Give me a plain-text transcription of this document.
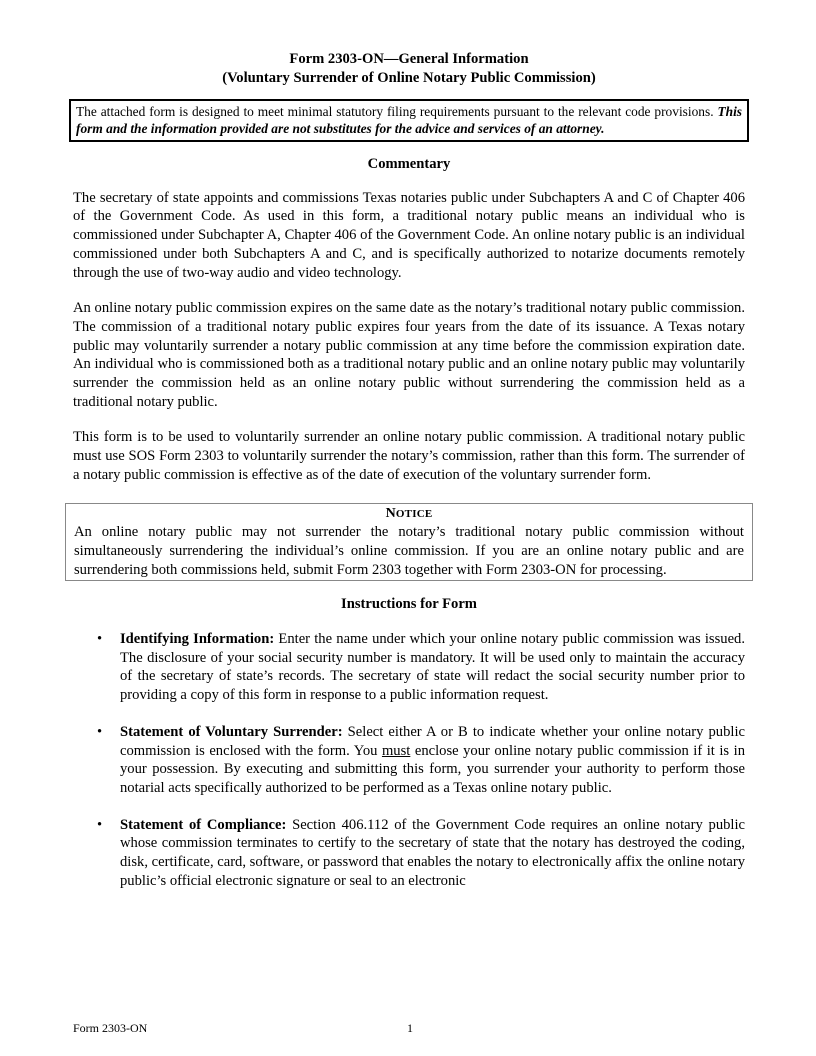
Form 2303-ON—General Information
(Voluntary Surrender of Online Notary Public Commission)
The attached form is designed to meet minimal statutory filing requirements pursuant to the relevant code provisions. This form and the information provided are not substitutes for the advice and services of an attorney.
Commentary

The secretary of state appoints and commissions Texas notaries public under Subchapters A and C of Chapter 406 of the Government Code. As used in this form, a traditional notary public means an individual who is commissioned under Subchapter A, Chapter 406 of the Government Code. An online notary public is an individual commissioned under both Subchapters A and C, and is specifically authorized to notarize documents remotely through the use of two-way audio and video technology.

An online notary public commission expires on the same date as the notary’s traditional notary public commission. The commission of a traditional notary public expires four years from the date of its issuance. A Texas notary public may voluntarily surrender a notary public commission at any time before the commission expiration date. An individual who is commissioned both as a traditional notary public and an online notary public may voluntarily surrender the commission held as an online notary public without surrendering the commission held as a traditional notary public.

This form is to be used to voluntarily surrender an online notary public commission. A traditional notary public must use SOS Form 2303 to voluntarily surrender the notary’s commission, rather than this form. The surrender of a notary public commission is effective as of the date of execution of the voluntary surrender form.

NOTICE

An online notary public may not surrender the notary’s traditional notary public commission without simultaneously surrendering the individual’s online commission. If you are an online notary public and are surrendering both commissions held, submit Form 2303 together with Form 2303-ON for processing.

Instructions for Form
• Identifying Information: Enter the name under which your online notary public commission was issued. The disclosure of your social security number is mandatory. It will be used only to maintain the accuracy of the secretary of state’s records. The secretary of state will redact the social security number prior to providing a copy of this form in response to a public information request.
• Statement of Voluntary Surrender: Select either A or B to indicate whether your online notary public commission is enclosed with the form. You must enclose your online notary public commission if it is in your possession. By executing and submitting this form, you surrender your authority to perform those notarial acts specifically authorized to be performed as a Texas online notary public.
• Statement of Compliance: Section 406.112 of the Government Code requires an online notary public whose commission terminates to certify to the secretary of state that the notary has destroyed the coding, disk, certificate, card, software, or password that enables the notary to electronically affix the online notary public’s official electronic signature or seal to an electronic
Form 2303-ON	1
